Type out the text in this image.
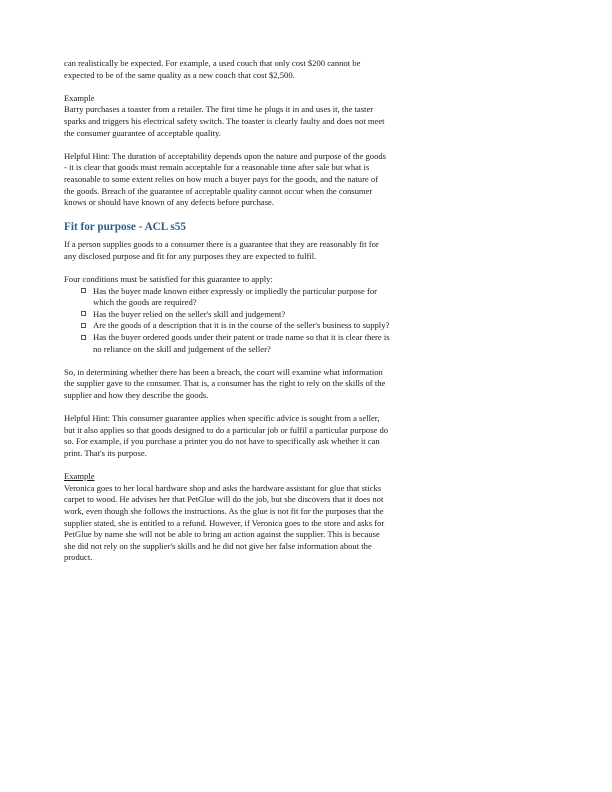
can realistically be expected. For example, a used couch that only cost $200 cannot be expected to be of the same quality as a new couch that cost $2,500.

Example

Barry purchases a toaster from a retailer. The first time he plugs it in and uses it, the taster sparks and triggers his electrical safety switch. The toaster is clearly faulty and does not meet the consumer guarantee of acceptable quality.

Helpful Hint: The duration of acceptability depends upon the nature and purpose of the goods - it is clear that goods must remain acceptable for a reasonable time after sale but what is reasonable to some extent relies on how much a buyer pays for the goods, and the nature of the goods. Breach of the guarantee of acceptable quality cannot occur when the consumer knows or should have known of any defects before purchase.

Fit for purpose - ACL s55

If a person supplies goods to a consumer there is a guarantee that they are reasonably fit for any disclosed purpose and fit for any purposes they are expected to fulfil.

Four conditions must be satisfied for this guarantee to apply:

Has the buyer made known either expressly or impliedly the particular purpose for which the goods are required?
Has the buyer relied on the seller's skill and judgement?
Are the goods of a description that it is in the course of the seller's business to supply?
Has the buyer ordered goods under their patent or trade name so that it is clear there is no reliance on the skill and judgement of the seller?

So, in determining whether there has been a breach, the court will examine what information the supplier gave to the consumer. That is, a consumer has the right to rely on the skills of the supplier and how they describe the goods.

Helpful Hint: This consumer guarantee applies when specific advice is sought from a seller, but it also applies so that goods designed to do a particular job or fulfil a particular purpose do so. For example, if you purchase a printer you do not have to specifically ask whether it can print. That's its purpose.

Example

Veronica goes to her local hardware shop and asks the hardware assistant for glue that sticks carpet to wood. He advises her that PetGlue will do the job, but she discovers that it does not work, even though she follows the instructions. As the glue is not fit for the purposes that the supplier stated, she is entitled to a refund. However, if Veronica goes to the store and asks for PetGlue by name she will not be able to bring an action against the supplier. This is because she did not rely on the supplier's skills and he did not give her false information about the product.
